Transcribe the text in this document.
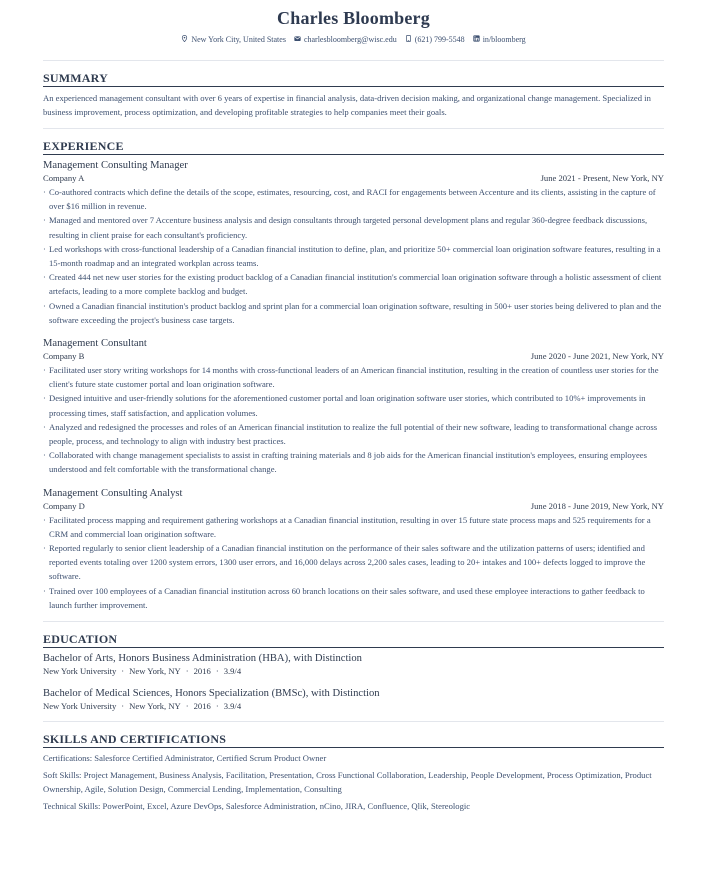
Charles Bloomberg
New York City, United States charlesbloomberg@wisc.edu (621) 799-5548 in/bloomberg
SUMMARY

An experienced management consultant with over 6 years of expertise in financial analysis, data-driven decision making, and organizational change management. Specialized in business improvement, process optimization, and developing profitable strategies to help companies meet their goals.

EXPERIENCE
Management Consulting Manager
Company A	June 2021 - Present , New York, NY
· Co-authored contracts which define the details of the scope, estimates, resourcing, cost, and RACI for engagements between Accenture and its clients, assisting in the capture of over $16 million in revenue.
· Managed and mentored over 7 Accenture business analysis and design consultants through targeted personal development plans and regular 360-degree feedback discussions, resulting in client praise for each consultant's proficiency.
· Led workshops with cross-functional leadership of a Canadian financial institution to define, plan, and prioritize 50+ commercial loan origination software features, resulting in a 15-month roadmap and an integrated workplan across teams.
· Created 444 net new user stories for the existing product backlog of a Canadian financial institution's commercial loan origination software through a holistic assessment of client artefacts, leading to a more complete backlog and budget.
· Owned a Canadian financial institution's product backlog and sprint plan for a commercial loan origination software, resulting in 500+ user stories being delivered to plan and the software exceeding the project's business case targets.
Management Consultant
Company B	June 2020 - June 2021 , New York, NY
· Facilitated user story writing workshops for 14 months with cross-functional leaders of an American financial institution, resulting in the creation of countless user stories for the client's future state customer portal and loan origination software.
· Designed intuitive and user-friendly solutions for the aforementioned customer portal and loan origination software user stories, which contributed to 10%+ improvements in processing times, staff satisfaction, and application volumes.
· Analyzed and redesigned the processes and roles of an American financial institution to realize the full potential of their new software, leading to transformational change across people, process, and technology to align with industry best practices.
· Collaborated with change management specialists to assist in crafting training materials and 8 job aids for the American financial institution's employees, ensuring employees understood and felt comfortable with the transformational change.
Management Consulting Analyst
Company D	June 2018 - June 2019 , New York, NY
· Facilitated process mapping and requirement gathering workshops at a Canadian financial institution, resulting in over 15 future state process maps and 525 requirements for a CRM and commercial loan origination software.
· Reported regularly to senior client leadership of a Canadian financial institution on the performance of their sales software and the utilization patterns of users; identified and reported events totaling over 1200 system errors, 1300 user errors, and 16,000 delays across 2,200 sales cases, leading to 20+ intakes and 100+ defects logged to improve the software.
· Trained over 100 employees of a Canadian financial institution across 60 branch locations on their sales software, and used these employee interactions to gather feedback to launch further improvement.
EDUCATION
Bachelor of Arts, Honors Business Administration (HBA), with Distinction
New York University · New York, NY · 2016 · 3.9/4
Bachelor of Medical Sciences, Honors Specialization (BMSc), with Distinction
New York University · New York, NY · 2016 · 3.9/4
SKILLS AND CERTIFICATIONS

Certifications: Salesforce Certified Administrator, Certified Scrum Product Owner

Soft Skills: Project Management, Business Analysis, Facilitation, Presentation, Cross Functional Collaboration, Leadership, People Development, Process Optimization, Product Ownership, Agile, Solution Design, Commercial Lending, Implementation, Consulting

Technical Skills: PowerPoint, Excel, Azure DevOps, Salesforce Administration, nCino, JIRA, Confluence, Qlik, Stereologic
